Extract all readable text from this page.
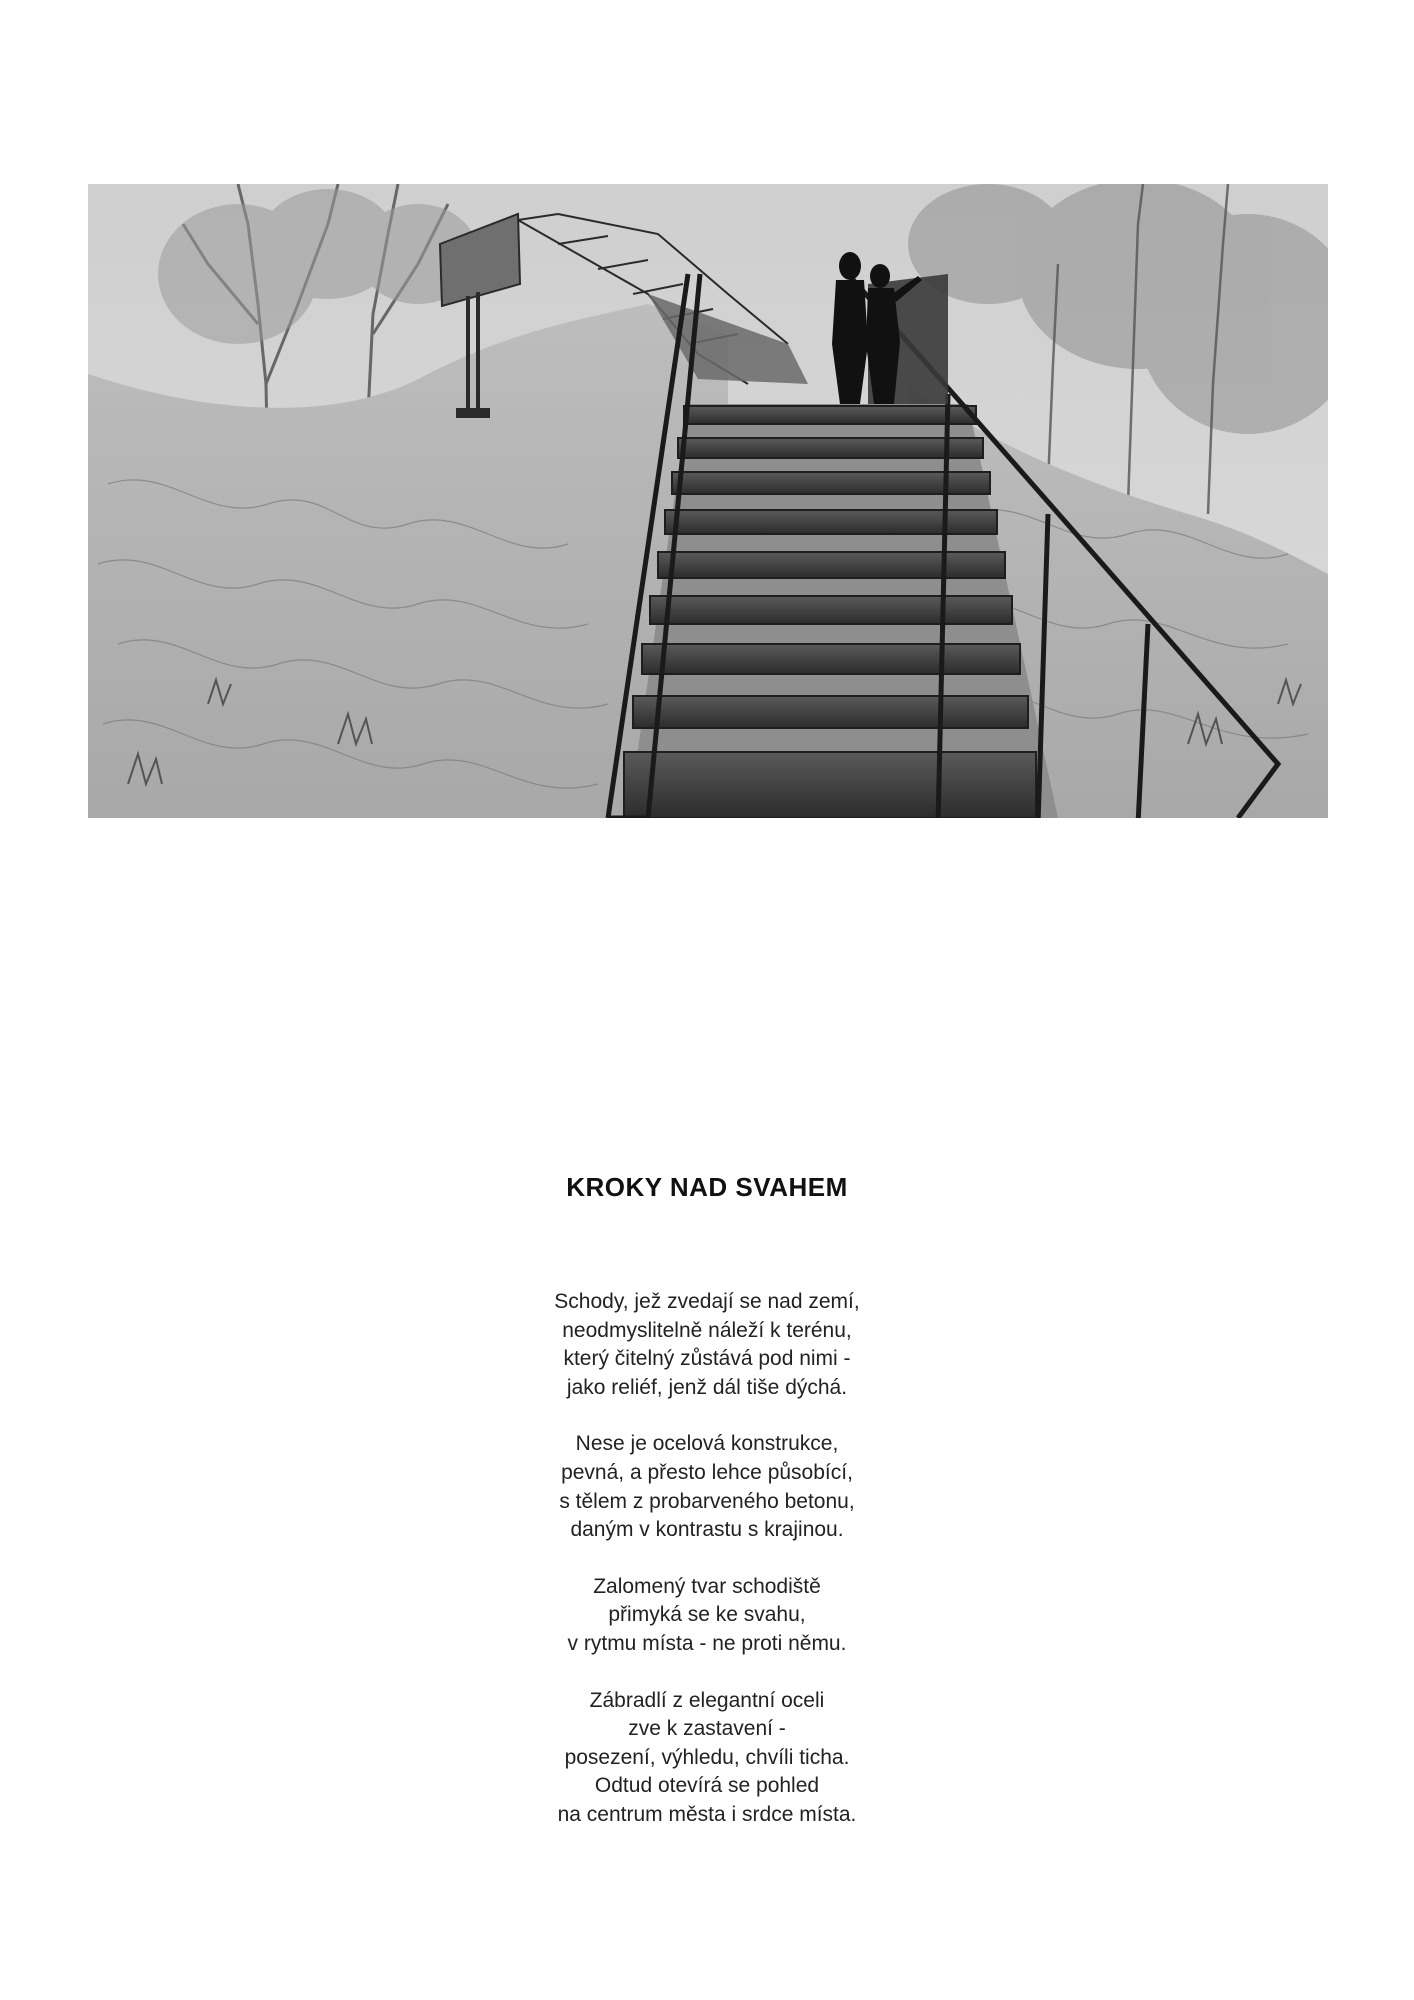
KROKY NAD SVAHEM
Schody, jež zvedají se nad zemí,
neodmyslitelně náleží k terénu,
který čitelný zůstává pod nimi -
jako reliéf, jenž dál tiše dýchá.
Nese je ocelová konstrukce,
pevná, a přesto lehce působící,
s tělem z probarveného betonu,
daným v kontrastu s krajinou.
Zalomený tvar schodiště
přimyká se ke svahu,
v rytmu místa - ne proti němu.
Zábradlí z elegantní oceli
zve k zastavení -
posezení, výhledu, chvíli ticha.
Odtud otevírá se pohled
na centrum města i srdce místa.
